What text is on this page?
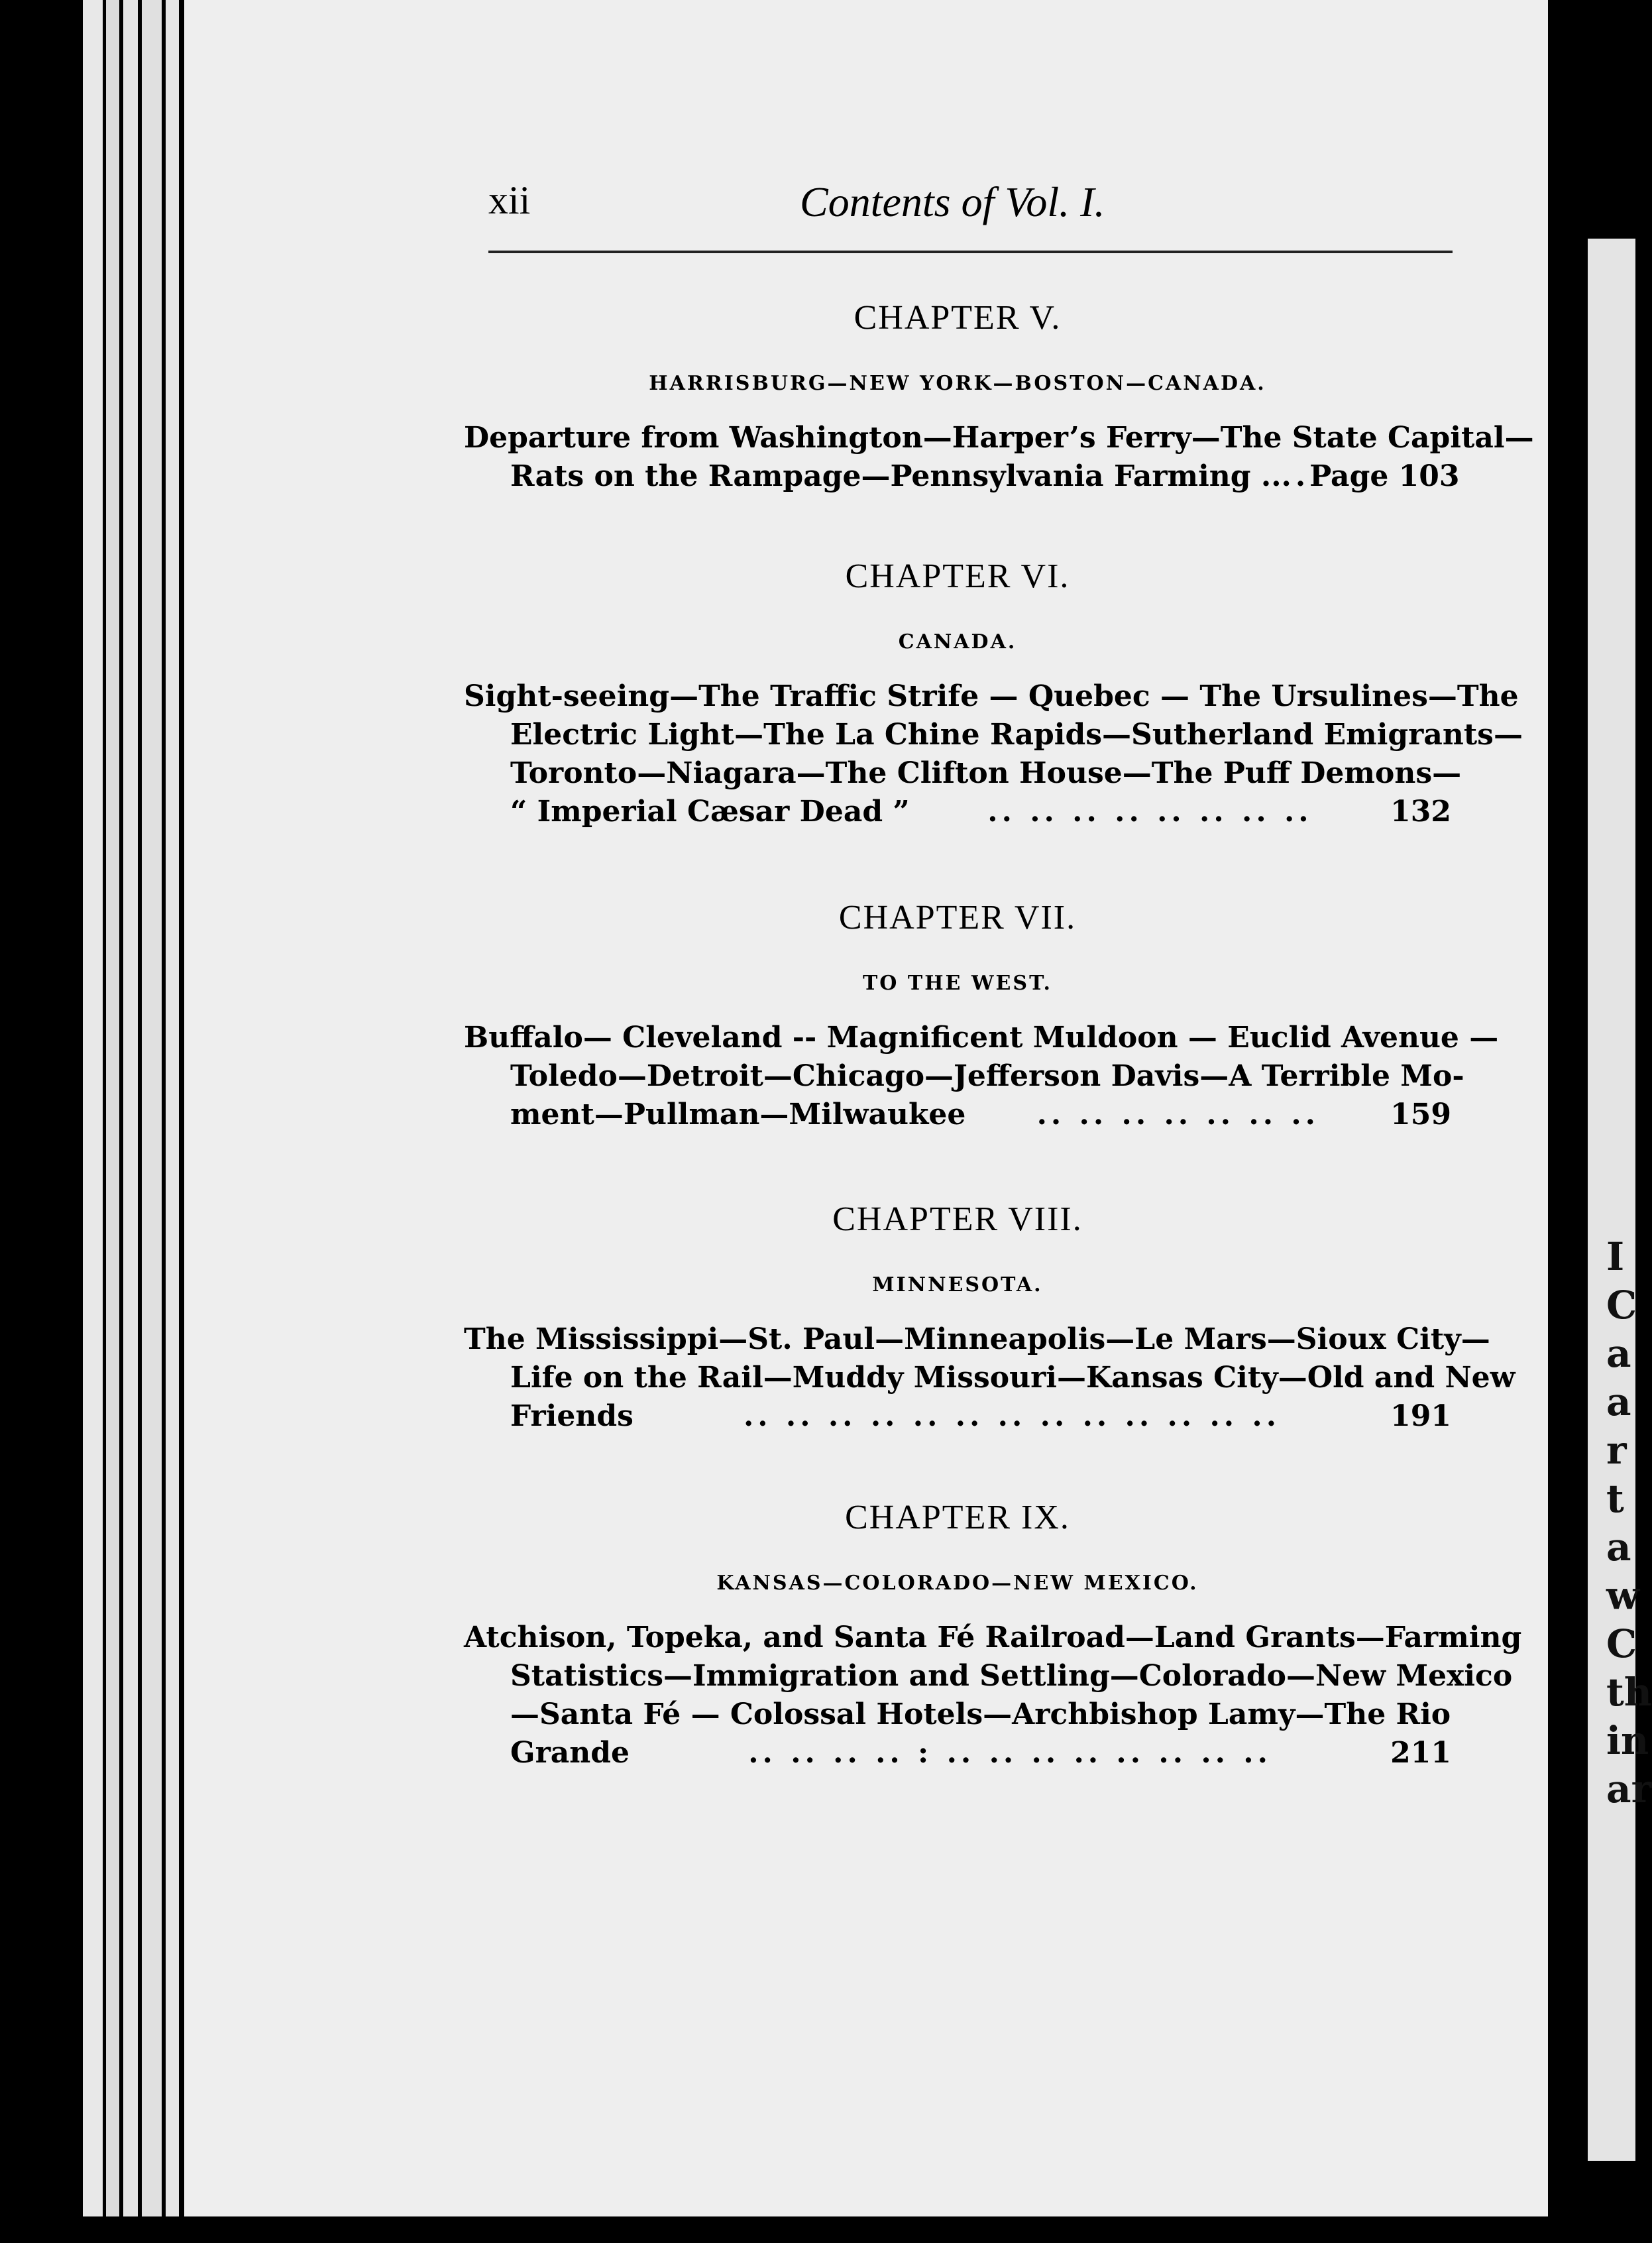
I
C
a
a
r
t
a
w
C
th
in
ar
xii	Contents of Vol. I.

CHAPTER V.

HARRISBURG—NEW YORK—BOSTON—CANADA.

Departure from Washington—Harper’s Ferry—The State Capital—
Rats on the Rampage—Pennsylvania Farming .. .. Page 103

CHAPTER VI.

CANADA.

Sight-seeing—The Traffic Strife — Quebec — The Ursulines—The
Electric Light—The La Chine Rapids—Sutherland Emigrants—
Toronto—Niagara—The Clifton House—The Puff Demons—
“ Imperial Cæsar Dead ”	.. .. .. .. .. .. .. ..	132

CHAPTER VII.

TO THE WEST.

Buffalo— Cleveland -- Magnificent Muldoon — Euclid Avenue —
Toledo—Detroit—Chicago—Jefferson Davis—A Terrible Mo-
ment—Pullman—Milwaukee	.. .. .. .. .. .. ..	159

CHAPTER VIII.

MINNESOTA.

The Mississippi—St. Paul—Minneapolis—Le Mars—Sioux City—
Life on the Rail—Muddy Missouri—Kansas City—Old and New
Friends	.. .. .. .. .. .. .. .. .. .. .. .. ..	191

CHAPTER IX.

KANSAS—COLORADO—NEW MEXICO.

Atchison, Topeka, and Santa Fé Railroad—Land Grants—Farming
Statistics—Immigration and Settling—Colorado—New Mexico
—Santa Fé — Colossal Hotels—Archbishop Lamy—The Rio
Grande	.. .. .. .. : .. .. .. .. .. .. .. ..	211
